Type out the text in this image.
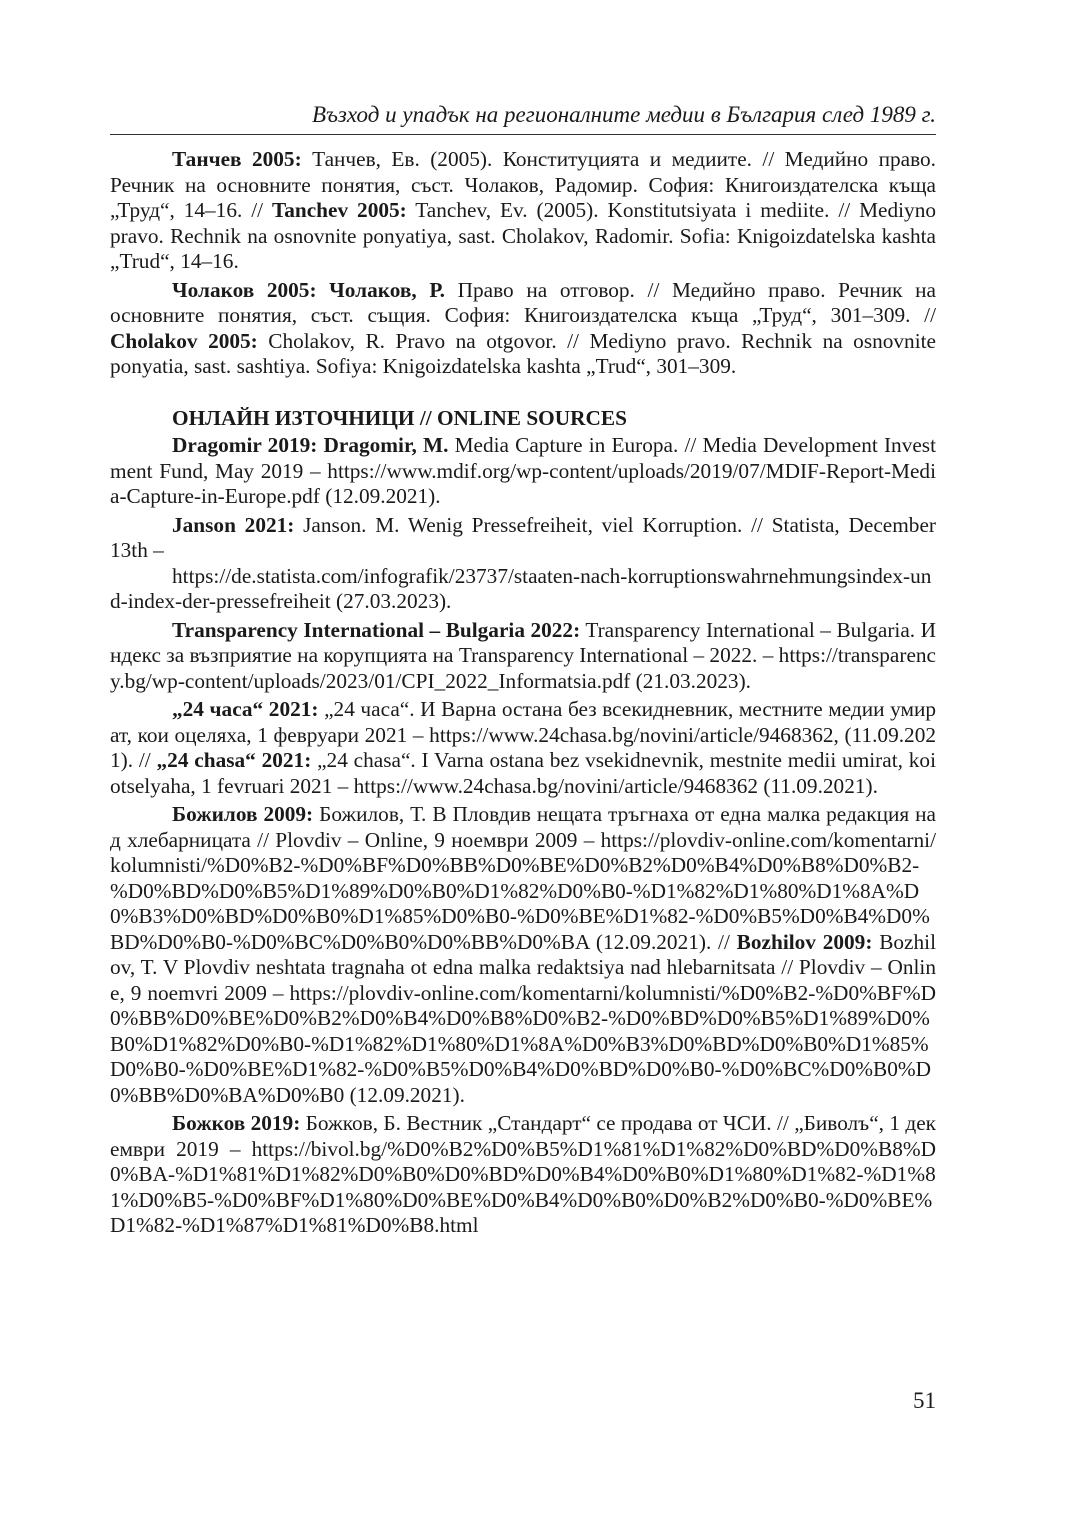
Възход и упадък на регионалните медии в България след 1989 г.

Танчев 2005: Танчев, Ев. (2005). Конституцията и медиите. // Медийно право. Речник на основните понятия, съст. Чолаков, Радомир. София: Книгоиздателска къща „Труд“, 14–16. // Tanchev 2005: Tanchev, Ev. (2005). Konstitutsiyata i mediite. // Mediyno pravo. Rechnik na osnovnite ponyatiya, sast. Cholakov, Radomir. Sofia: Knigoizdatelska kashta „Trud“, 14–16.

Чолаков 2005: Чолаков, Р. Право на отговор. // Медийно право. Речник на основните понятия, съст. същия. София: Книгоиздателска къща „Труд“, 301–309. // Cholakov 2005: Cholakov, R. Pravo na otgovor. // Mediyno pravo. Rechnik na osnovnite ponyatia, sast. sashtiya. Sofiya: Knigoizdatelska kashta „Trud“, 301–309.

ОНЛАЙН ИЗТОЧНИЦИ // ONLINE SOURCES

Dragomir 2019: Dragomir, M. Media Capture in Europa. // Media Development Investment Fund, May 2019 – https://www.mdif.org/wp-content/uploads/2019/07/MDIF-Report-Media-Capture-in-Europe.pdf (12.09.2021).

Janson 2021: Janson. M. Wenig Pressefreiheit, viel Korruption. // Statista, December 13th –
https://de.statista.com/infografik/23737/staaten-nach-korruptionswahrnehmungsindex-und-index-der-pressefreiheit (27.03.2023).

Transparency International – Bulgaria 2022: Transparency International – Bulgaria. Индекс за възприятие на корупцията на Transparency International – 2022. – https://transparency.bg/wp-content/uploads/2023/01/CPI_2022_Informatsia.pdf (21.03.2023).

„24 часа“ 2021: „24 часа“. И Варна остана без всекидневник, местните медии умират, кои оцеляха, 1 февруари 2021 – https://www.24chasa.bg/novini/article/9468362, (11.09.2021). // „24 chasa“ 2021: „24 chasa“. I Varna ostana bez vsekidnevnik, mestnite medii umirat, koi otselyaha, 1 fevruari 2021 – https://www.24chasa.bg/novini/article/9468362 (11.09.2021).

Божилов 2009: Божилов, Т. В Пловдив нещата тръгнаха от една малка редакция над хлебарницата // Plovdiv – Online, 9 ноември 2009 – https://plovdiv-online.com/komentarni/kolumnisti/%D0%B2-%D0%BF%D0%BB%D0%BE%D0%B2%D0%B4%D0%B8%D0%B2-%D0%BD%D0%B5%D1%89%D0%B0%D1%82%D0%B0-%D1%82%D1%80%D1%8A%D0%B3%D0%BD%D0%B0%D1%85%D0%B0-%D0%BE%D1%82-%D0%B5%D0%B4%D0%BD%D0%B0-%D0%BC%D0%B0%D0%BB%D0%BA (12.09.2021). // Bozhilov 2009: Bozhilov, T. V Plovdiv neshtata tragnaha ot edna malka redaktsiya nad hlebarnitsata // Plovdiv – Online, 9 noemvri 2009 – https://plovdiv-online.com/komentarni/kolumnisti/%D0%B2-%D0%BF%D0%BB%D0%BE%D0%B2%D0%B4%D0%B8%D0%B2-%D0%BD%D0%B5%D1%89%D0%B0%D1%82%D0%B0-%D1%82%D1%80%D1%8A%D0%B3%D0%BD%D0%B0%D1%85%D0%B0-%D0%BE%D1%82-%D0%B5%D0%B4%D0%BD%D0%B0-%D0%BC%D0%B0%D0%BB%D0%BA%D0%B0 (12.09.2021).

Божков 2019: Божков, Б. Вестник „Стандарт“ се продава от ЧСИ. // „Биволъ“, 1 декември 2019 – https://bivol.bg/%D0%B2%D0%B5%D1%81%D1%82%D0%BD%D0%B8%D0%BA-%D1%81%D1%82%D0%B0%D0%BD%D0%B4%D0%B0%D1%80%D1%82-%D1%81%D0%B5-%D0%BF%D1%80%D0%BE%D0%B4%D0%B0%D0%B2%D0%B0-%D0%BE%D1%82-%D1%87%D1%81%D0%B8.html

51
